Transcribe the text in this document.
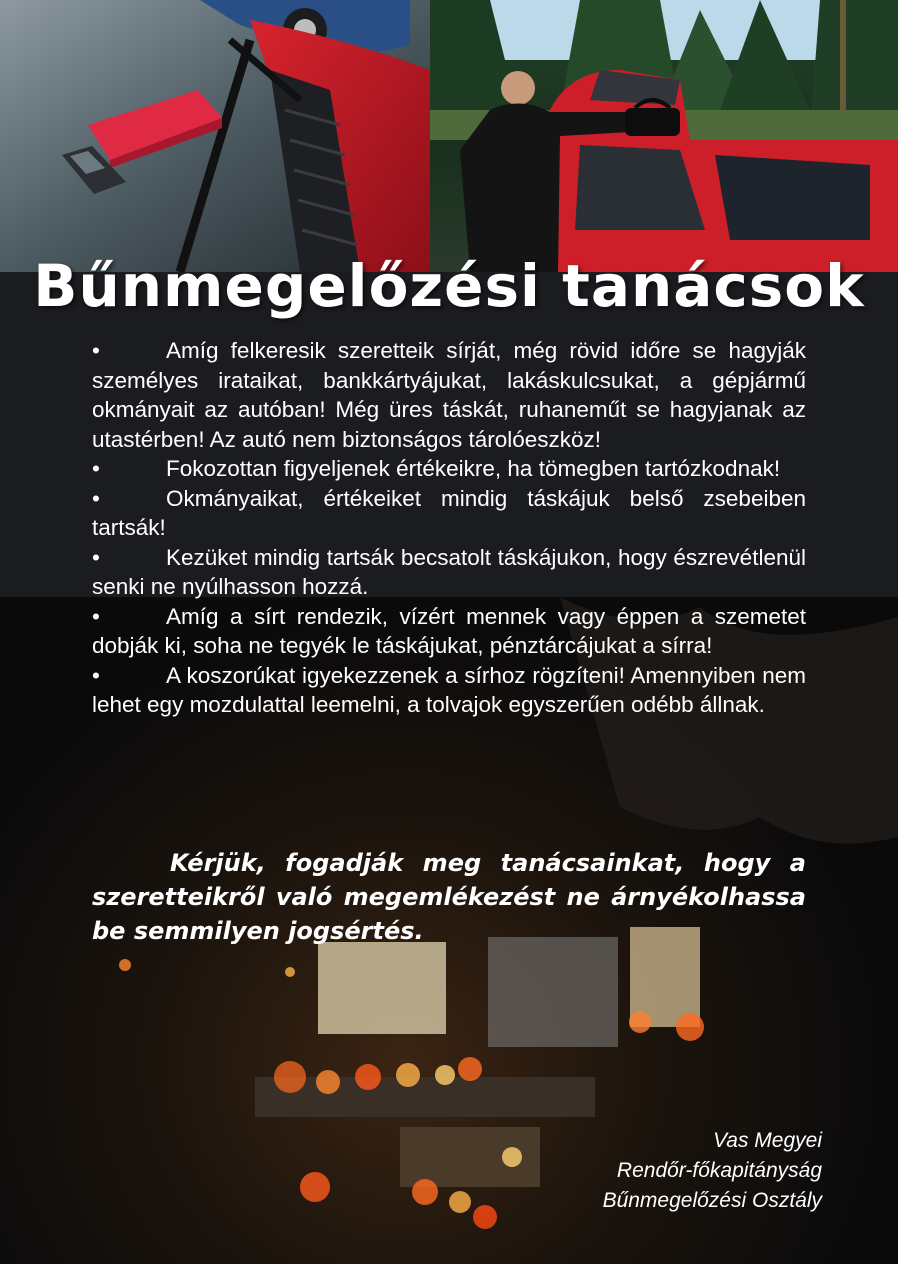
Bűnmegelőzési tanácsok
•	Amíg felkeresik szeretteik sírját, még rövid időre se hagyják személyes irataikat, bankkártyájukat, lakáskulcsukat, a gépjármű okmányait az autóban! Még üres táskát, ruhaneműt se hagyjanak az utastérben! Az autó nem biztonságos tárolóeszköz!
•	Fokozottan figyeljenek értékeikre, ha tömegben tartózkodnak!
•	Okmányaikat, értékeiket mindig táskájuk belső zsebeiben tartsák!
•	Kezüket mindig tartsák becsatolt táskájukon, hogy észrevétlenül senki ne nyúlhasson hozzá.
•	Amíg a sírt rendezik, vízért mennek vagy éppen a szemetet dobják ki, soha ne tegyék le táskájukat, pénztárcájukat a sírra!
•	A koszorúkat igyekezzenek a sírhoz rögzíteni! Amennyiben nem lehet egy mozdulattal leemelni, a tolvajok egyszerűen odébb állnak.

Kérjük, fogadják meg tanácsainkat, hogy a szeretteikről való megemlékezést ne árnyékolhassa be semmilyen jogsértés.

Vas Megyei
Rendőr-főkapitányság
Bűnmegelőzési Osztály
